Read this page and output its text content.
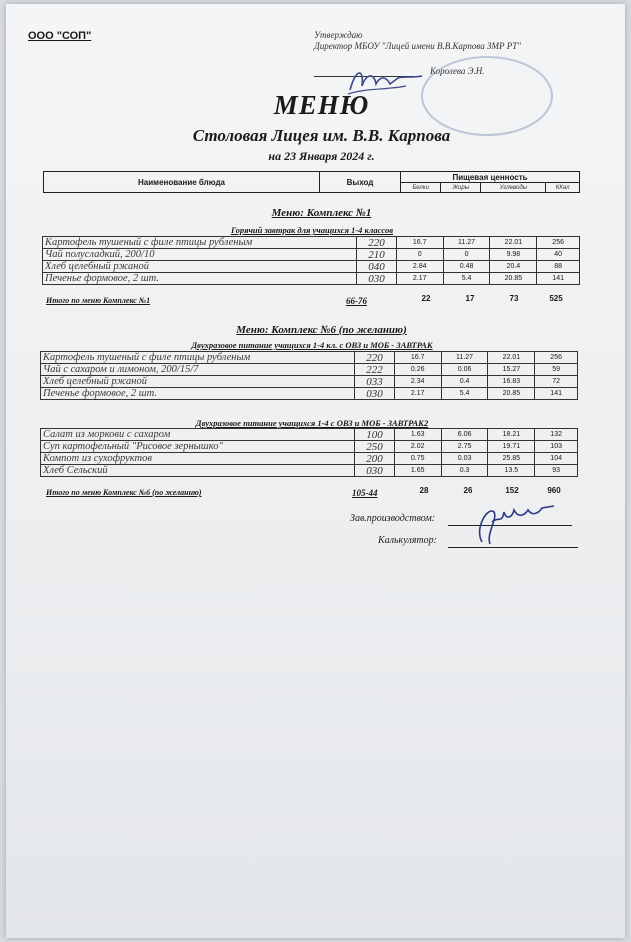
ООО "СОП"	Утверждаю
Директор МБОУ "Лицей имени В.В.Карпова ЗМР РТ"
Королева Э.Н.
МЕНЮ
Столовая Лицея им. В.В. Карпова
на 23 Января 2024 г.
Наименование блюда	Выход	Пищевая ценность			
		Белки	Жиры	Углеводы	ККал
Меню: Комплекс №1
Горячий завтрак для учащихся 1-4 классов
Картофель тушеный с филе птицы рубленым	220	16.7	11.27	22.01	256
Чай полусладкий, 200/10	210	0	0	9.98	40
Хлеб целебный ржаной	040	2.84	0.48	20.4	88
Печенье формовое, 2 шт.	030	2.17	5.4	20.85	141
Итого по меню Комплекс №1	66-76	22	17	73	525
Меню: Комплекс №6 (по желанию)
Двухразовое питание учащихся 1-4 кл. с ОВЗ и МОБ - ЗАВТРАК
Картофель тушеный с филе птицы рубленым	220	16.7	11.27	22.01	256
Чай с сахаром и лимоном, 200/15/7	222	0.26	0.06	15.27	59
Хлеб целебный ржаной	033	2.34	0.4	16.83	72
Печенье формовое, 2 шт.	030	2.17	5.4	20.85	141
Двухразовое питание учащихся 1-4 с ОВЗ и МОБ - ЗАВТРАК2
Салат из моркови с сахаром	100	1.63	6.06	18.21	132
Суп картофельный "Рисовое зернышко"	250	2.02	2.75	19.71	103
Компот из сухофруктов	200	0.75	0.03	25.85	104
Хлеб Сельский	030	1.65	0.3	13.5	93
Итого по меню Комплекс №6 (по желанию)	105-44	28	26	152	960
Зав.производством:
Калькулятор:
